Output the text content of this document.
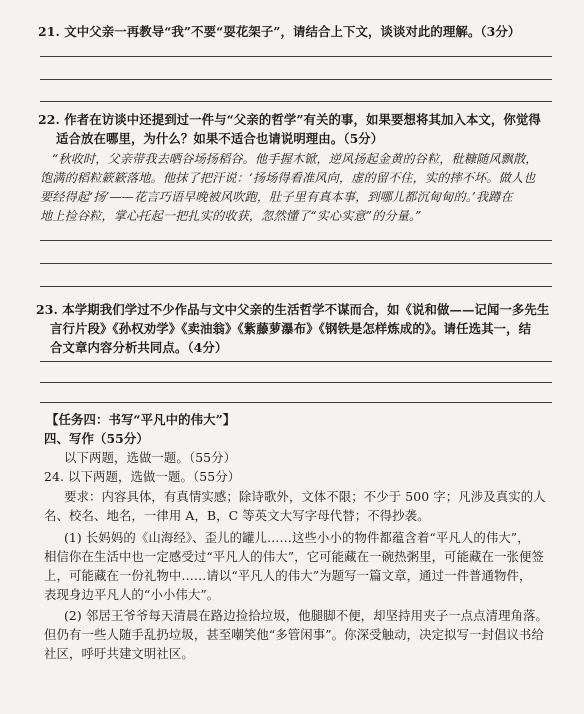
21. 文中父亲一再教导“我”不要“耍花架子”，请结合上下文，谈谈对此的理解。（3分）
22. 作者在访谈中还提到过一件与“父亲的哲学”有关的事，如果要想将其加入本文，你觉得
适合放在哪里，为什么？如果不适合也请说明理由。（5分）
“秋收时，父亲带我去晒谷场扬稻谷。他手握木锨，逆风扬起金黄的谷粒，秕糠随风飘散，
饱满的稻粒簌簌落地。他抹了把汗说：‘扬场得看准风向，虚的留不住，实的摔不坏。做人也
要经得起‘扬’——花言巧语早晚被风吹跑，肚子里有真本事，到哪儿都沉甸甸的。’我蹲在
地上捡谷粒，掌心托起一把扎实的收获，忽然懂了“实心实意”的分量。”
23. 本学期我们学过不少作品与文中父亲的生活哲学不谋而合，如《说和做——记闻一多先生
言行片段》《孙权劝学》《卖油翁》《紫藤萝瀑布》《钢铁是怎样炼成的》。请任选其一，结
合文章内容分析共同点。（4分）
【任务四：书写“平凡中的伟大”】
四、写作（55分）
以下两题，选做一题。（55分）
24. 以下两题，选做一题。（55分）
要求：内容具体，有真情实感；除诗歌外，文体不限；不少于 500 字；凡涉及真实的人
名、校名、地名，一律用 A，B，C 等英文大写字母代替；不得抄袭。
(1) 长妈妈的《山海经》、歪儿的罐儿……这些小小的物件都蕴含着“平凡人的伟大”，
相信你在生活中也一定感受过“平凡人的伟大”，它可能藏在一碗热粥里，可能藏在一张便签
上，可能藏在一份礼物中……请以“平凡人的伟大”为题写一篇文章，通过一件普通物件，
表现身边平凡人的“小小伟大”。
(2) 邻居王爷爷每天清晨在路边捡拾垃圾，他腿脚不便，却坚持用夹子一点点清理角落。
但仍有一些人随手乱扔垃圾，甚至嘲笑他“多管闲事”。你深受触动，决定拟写一封倡议书给
社区，呼吁共建文明社区。
